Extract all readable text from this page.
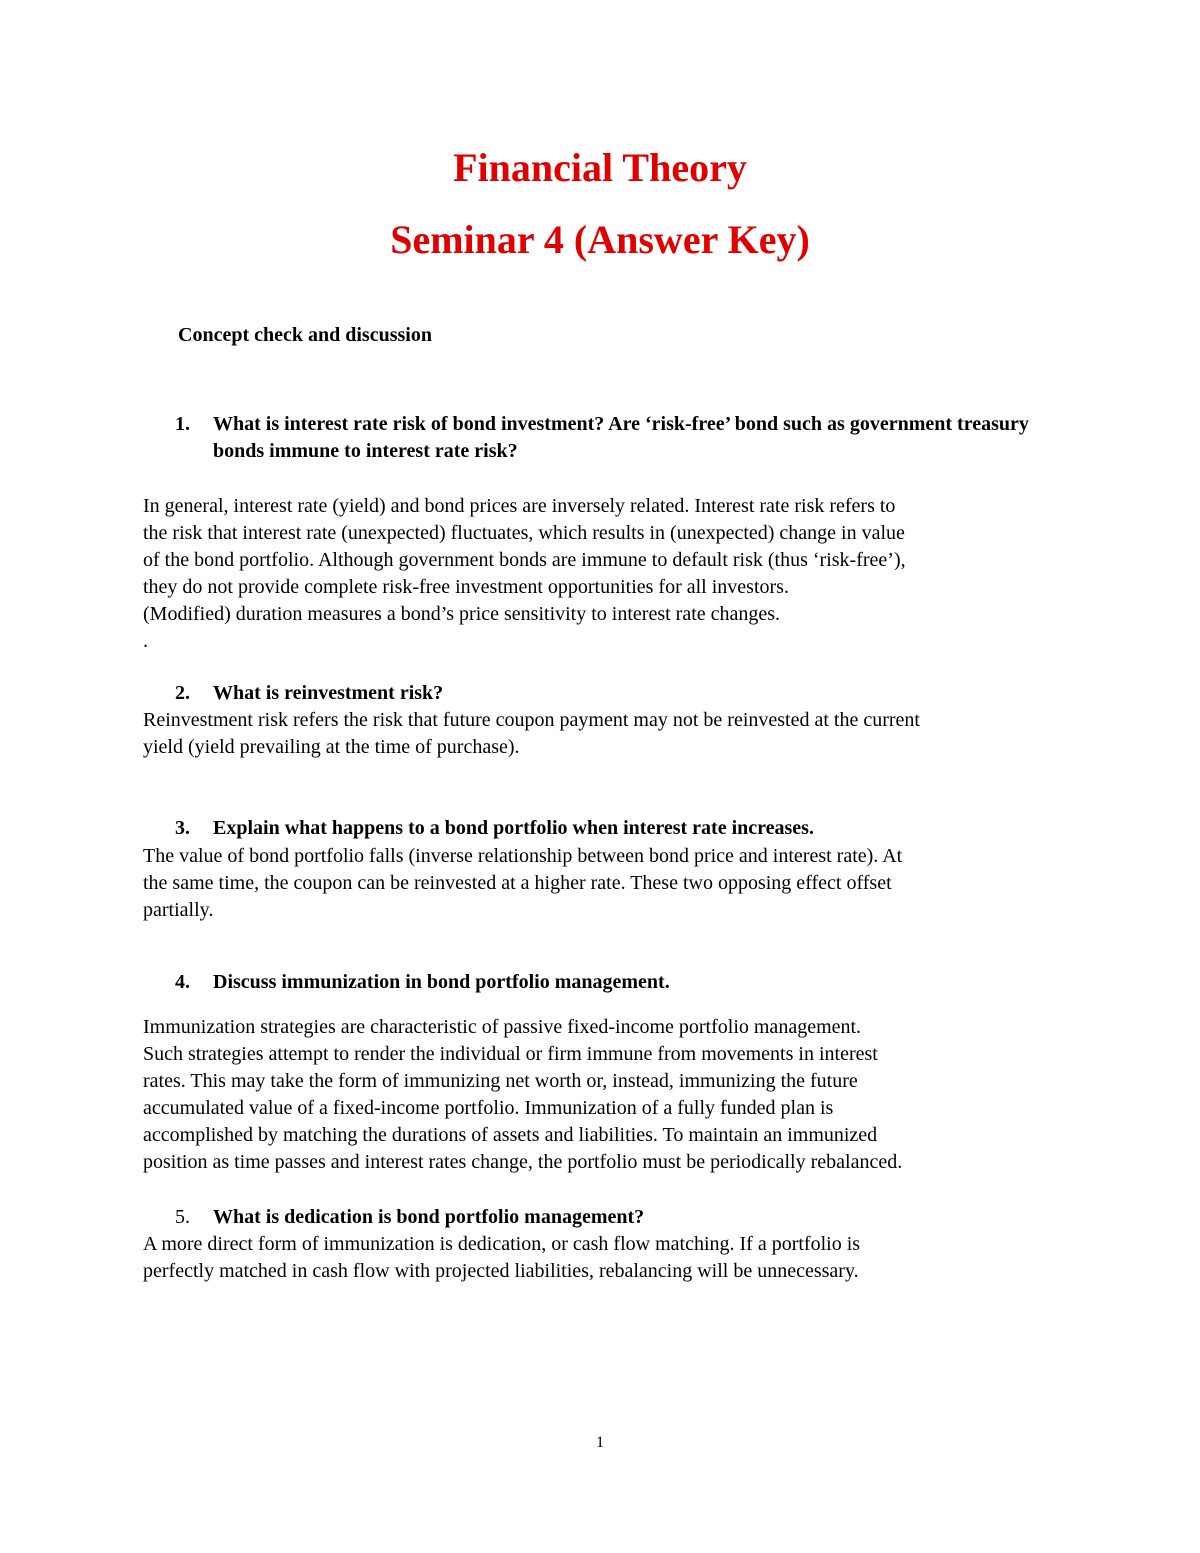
Financial Theory
Seminar 4 (Answer Key)

Concept check and discussion

1.	What is interest rate risk of bond investment? Are ‘risk-free’ bond such as government treasury bonds immune to interest rate risk?
In general, interest rate (yield) and bond prices are inversely related. Interest rate risk refers to
the risk that interest rate (unexpected) fluctuates, which results in (unexpected) change in value
of the bond portfolio. Although government bonds are immune to default risk (thus ‘risk-free’),
they do not provide complete risk-free investment opportunities for all investors.
(Modified) duration measures a bond’s price sensitivity to interest rate changes.
.
2.	What is reinvestment risk?
Reinvestment risk refers the risk that future coupon payment may not be reinvested at the current
yield (yield prevailing at the time of purchase).
3.	Explain what happens to a bond portfolio when interest rate increases.
The value of bond portfolio falls (inverse relationship between bond price and interest rate). At
the same time, the coupon can be reinvested at a higher rate. These two opposing effect offset
partially.
4.	Discuss immunization in bond portfolio management.
Immunization strategies are characteristic of passive fixed-income portfolio management.
Such strategies attempt to render the individual or firm immune from movements in interest
rates. This may take the form of immunizing net worth or, instead, immunizing the future
accumulated value of a fixed-income portfolio. Immunization of a fully funded plan is
accomplished by matching the durations of assets and liabilities. To maintain an immunized
position as time passes and interest rates change, the portfolio must be periodically rebalanced.
5.	What is dedication is bond portfolio management?
A more direct form of immunization is dedication, or cash flow matching. If a portfolio is
perfectly matched in cash flow with projected liabilities, rebalancing will be unnecessary.
1
